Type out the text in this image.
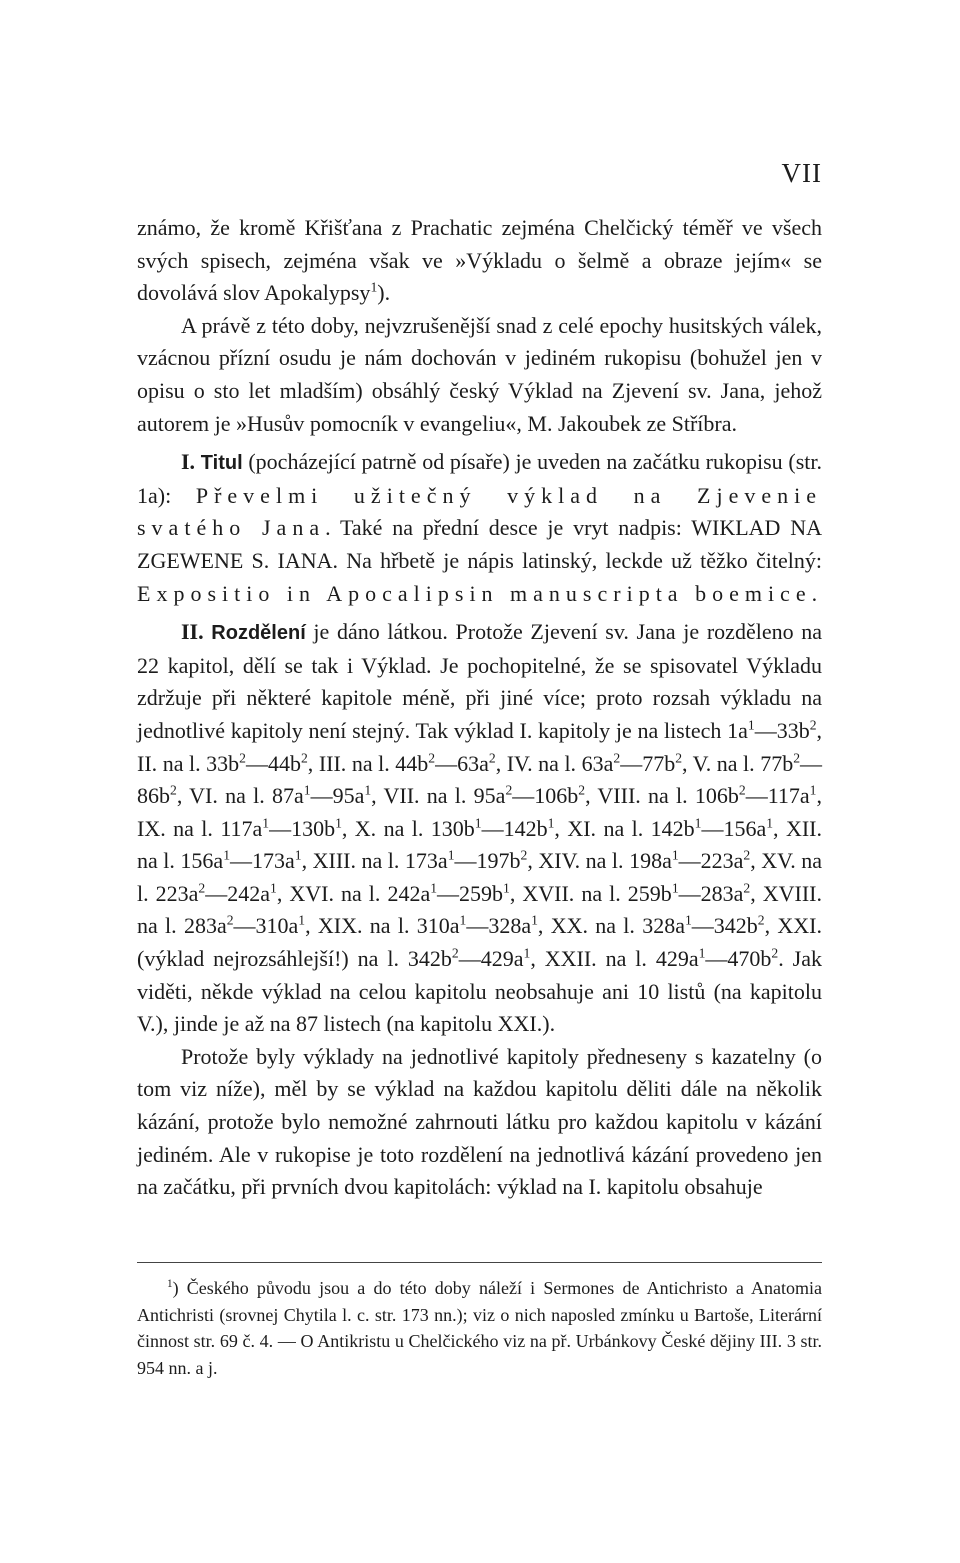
VII

známo, že kromě Křišťana z Prachatic zejména Chelčický téměř ve všech svých spisech, zejména však ve »Výkladu o šelmě a obraze jejím« se dovolává slov Apokalypsy$^1$).

A právě z této doby, nejvzrušenější snad z celé epochy husitských válek, vzácnou přízní osudu je nám dochován v jediném rukopisu (bohužel jen v opisu o sto let mladším) obsáhlý český Výklad na Zjevení sv. Jana, jehož autorem je »Husův pomocník v evangeliu«, M. Jakoubek ze Stříbra.

I. Titul (pocházející patrně od písaře) je uveden na začátku rukopisu (str. 1a): Převelmi užitečný výklad na Zjevenie svatého Jana. Také na přední desce je vryt nadpis: WIKLAD NA ZGEWENE S. IANA. Na hřbetě je nápis latinský, leckde už těžko čitelný: Expositio in Apocalipsin manuscripta boemice.

II. Rozdělení je dáno látkou. Protože Zjevení sv. Jana je rozděleno na 22 kapitol, dělí se tak i Výklad. Je pochopitelné, že se spisovatel Výkladu zdržuje při některé kapitole méně, při jiné více; proto rozsah výkladu na jednotlivé kapitoly není stejný. Tak výklad I. kapitoly je na listech $1a^1—33b^2$, II. na l. $33b^2—44b^2$, III. na l. $44b^2—63a^2$, IV. na l. $63a^2—77b^2$, V. na l. $77b^2—86b^2$, VI. na l. $87a^1—95a^1$, VII. na l. $95a^2—106b^2$, VIII. na l. $106b^2—117a^1$, IX. na l. $117a^1—130b^1$, X. na l. $130b^1—142b^1$, XI. na l. $142b^1—156a^1$, XII. na l. $156a^1—173a^1$, XIII. na l. $173a^1—197b^2$, XIV. na l. $198a^1—223a^2$, XV. na l. $223a^2—242a^1$, XVI. na l. $242a^1—259b^1$, XVII. na l. $259b^1—283a^2$, XVIII. na l. $283a^2—310a^1$, XIX. na l. $310a^1—328a^1$, XX. na l. $328a^1—342b^2$, XXI. (výklad nejrozsáhlejší!) na l. $342b^2—429a^1$, XXII. na l. $429a^1—470b^2$. Jak viděti, někde výklad na celou kapitolu neobsahuje ani 10 listů (na kapitolu V.), jinde je až na 87 listech (na kapitolu XXI.).

Protože byly výklady na jednotlivé kapitoly předneseny s kazatelny (o tom viz níže), měl by se výklad na každou kapitolu děliti dále na několik kázání, protože bylo nemožné zahrnouti látku pro každou kapitolu v kázání jediném. Ale v rukopise je toto rozdělení na jednotlivá kázání provedeno jen na začátku, při prvních dvou kapitolách: výklad na I. kapitolu obsahuje

$^1$) Českého původu jsou a do této doby náleží i Sermones de Antichristo a Anatomia Antichristi (srovnej Chytila l. c. str. 173 nn.); viz o nich naposled zmínku u Bartoše, Literární činnost str. 69 č. 4. — O Antikristu u Chelčického viz na př. Urbánkovy České dějiny III. 3 str. 954 nn. a j.
